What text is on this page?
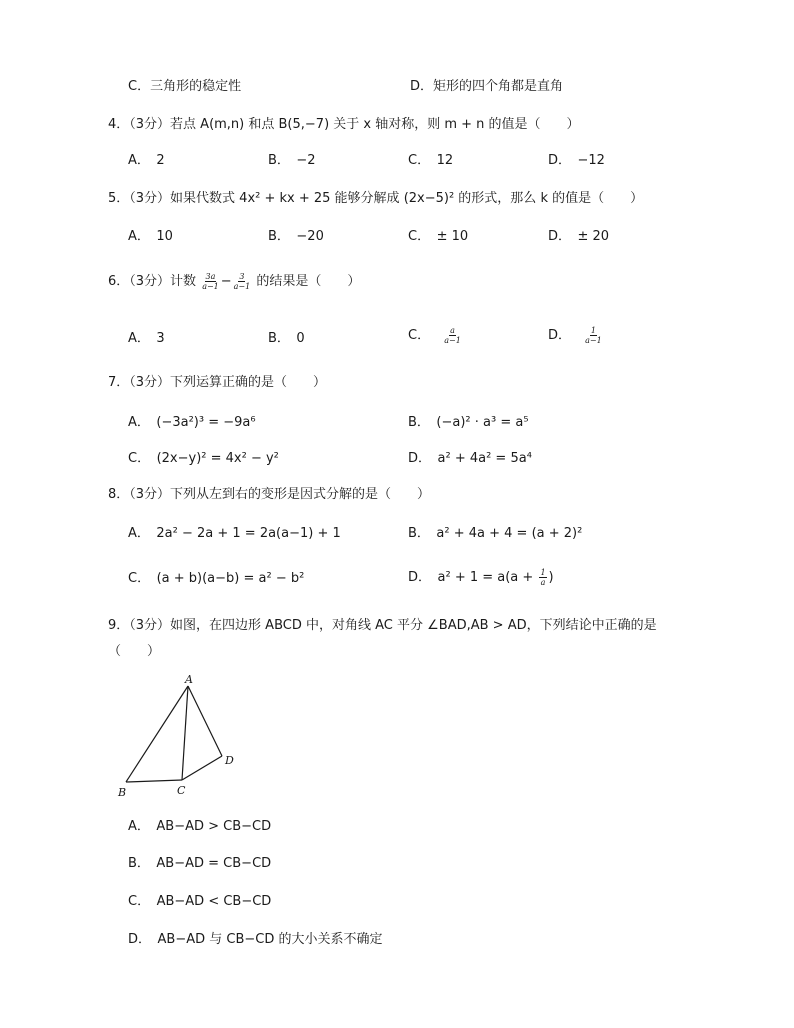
C．三角形的稳定性	D．矩形的四个角都是直角
4．（3分）若点 A(m,n) 和点 B(5,−7) 关于 x 轴对称，则 m + n 的值是（　　）
A．　2	B．　−2	C．　12	D．　−12
5．（3分）如果代数式 4x² + kx + 25 能够分解成 (2x−5)² 的形式，那么 k 的值是（　　）
A．　10	B．　−20	C．　± 10	D．　± 20
6．（3分）计数 $\frac{3a}{a-1} - \frac{3}{a-1}$ 的结果是（　　）
A．　3	B．　0	C． $\frac{a}{a-1}$	D． $\frac{1}{a-1}$
7．（3分）下列运算正确的是（　　）
A．　(−3a²)³ = −9a⁶	B．　(−a)² · a³ = a⁵
C．　(2x−y)² = 4x² − y²	D．　a² + 4a² = 5a⁴
8．（3分）下列从左到右的变形是因式分解的是（　　）
A．　2a² − 2a + 1 = 2a(a−1) + 1	B．　a² + 4a + 4 = (a + 2)²
C．　(a + b)(a−b) = a² − b²	D．　$a^2 + 1 = a(a + \frac{1}{a}$ )
9．（3分）如图，在四边形 ABCD 中，对角线 AC 平分 ∠BAD,AB > AD，下列结论中正确的是
（　　）
A
B	C
D
A．　AB−AD > CB−CD
B．　AB−AD = CB−CD
C．　AB−AD < CB−CD
D．　AB−AD 与 CB−CD 的大小关系不确定
